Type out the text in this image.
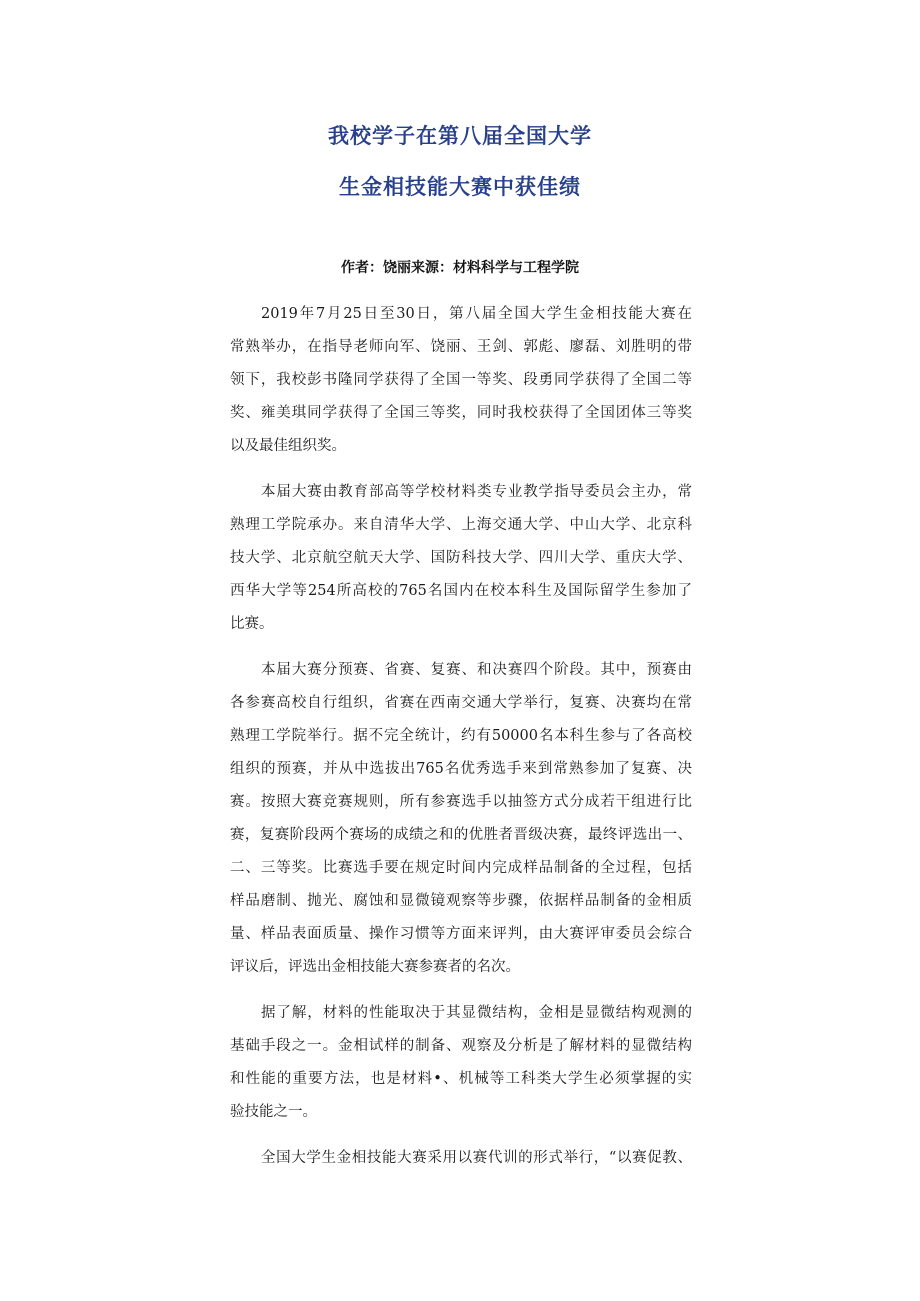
我校学子在第八届全国大学
生金相技能大赛中获佳绩
作者：饶丽来源：材料科学与工程学院

2019年7月25日至30日，第八届全国大学生金相技能大赛在
常熟举办，在指导老师向军、饶丽、王剑、郭彪、廖磊、刘胜明的带
领下，我校彭书隆同学获得了全国一等奖、段勇同学获得了全国二等
奖、雍美琪同学获得了全国三等奖，同时我校获得了全国团体三等奖
以及最佳组织奖。

本届大赛由教育部高等学校材料类专业教学指导委员会主办，常
熟理工学院承办。来自清华大学、上海交通大学、中山大学、北京科
技大学、北京航空航天大学、国防科技大学、四川大学、重庆大学、
西华大学等254所高校的765名国内在校本科生及国际留学生参加了
比赛。

本届大赛分预赛、省赛、复赛、和决赛四个阶段。其中，预赛由
各参赛高校自行组织，省赛在西南交通大学举行，复赛、决赛均在常
熟理工学院举行。据不完全统计，约有50000名本科生参与了各高校
组织的预赛，并从中选拔出765名优秀选手来到常熟参加了复赛、决
赛。按照大赛竞赛规则，所有参赛选手以抽签方式分成若干组进行比
赛，复赛阶段两个赛场的成绩之和的优胜者晋级决赛，最终评选出一、
二、三等奖。比赛选手要在规定时间内完成样品制备的全过程，包括
样品磨制、抛光、腐蚀和显微镜观察等步骤，依据样品制备的金相质
量、样品表面质量、操作习惯等方面来评判，由大赛评审委员会综合
评议后，评选出金相技能大赛参赛者的名次。

据了解，材料的性能取决于其显微结构，金相是显微结构观测的
基础手段之一。金相试样的制备、观察及分析是了解材料的显微结构
和性能的重要方法，也是材料•、机械等工科类大学生必须掌握的实
验技能之一。

全国大学生金相技能大赛采用以赛代训的形式举行，“以赛促教、
